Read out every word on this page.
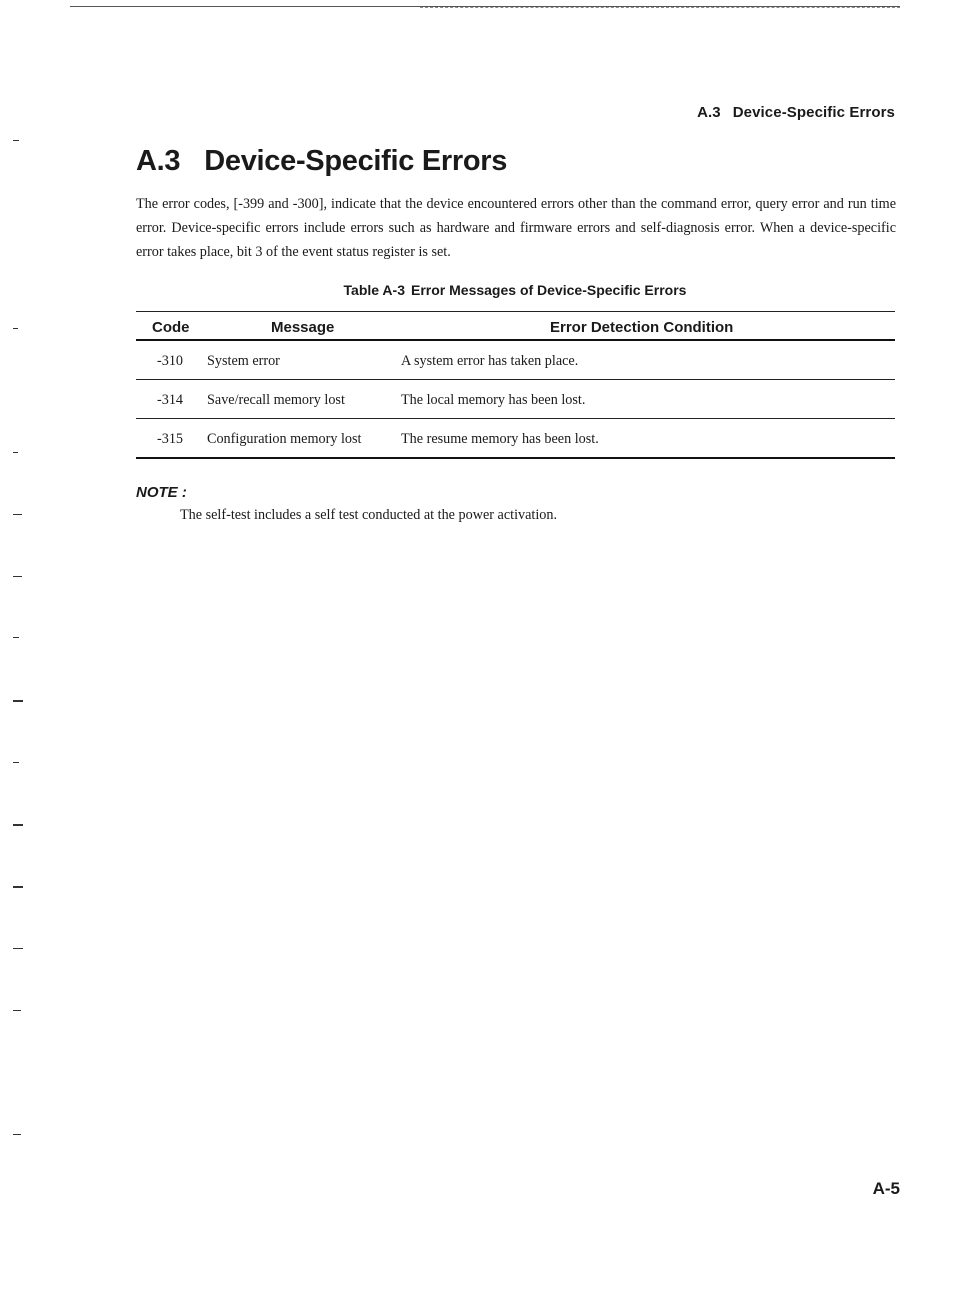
A.3 Device-Specific Errors
A.3 Device-Specific Errors

The error codes, [-399 and -300], indicate that the device encountered errors other than the command error, query error and run time error. Device-specific errors include errors such as hardware and firmware errors and self-diagnosis error. When a device-specific error takes place, bit 3 of the event status register is set.

Table A-3 Error Messages of Device-Specific Errors
Code	Message	Error Detection Condition
-310 System error	A system error has taken place.
-314 Save/recall memory lost	The local memory has been lost.
-315 Configuration memory lost	The resume memory has been lost.
NOTE :
The self-test includes a self test conducted at the power activation.
A-5
